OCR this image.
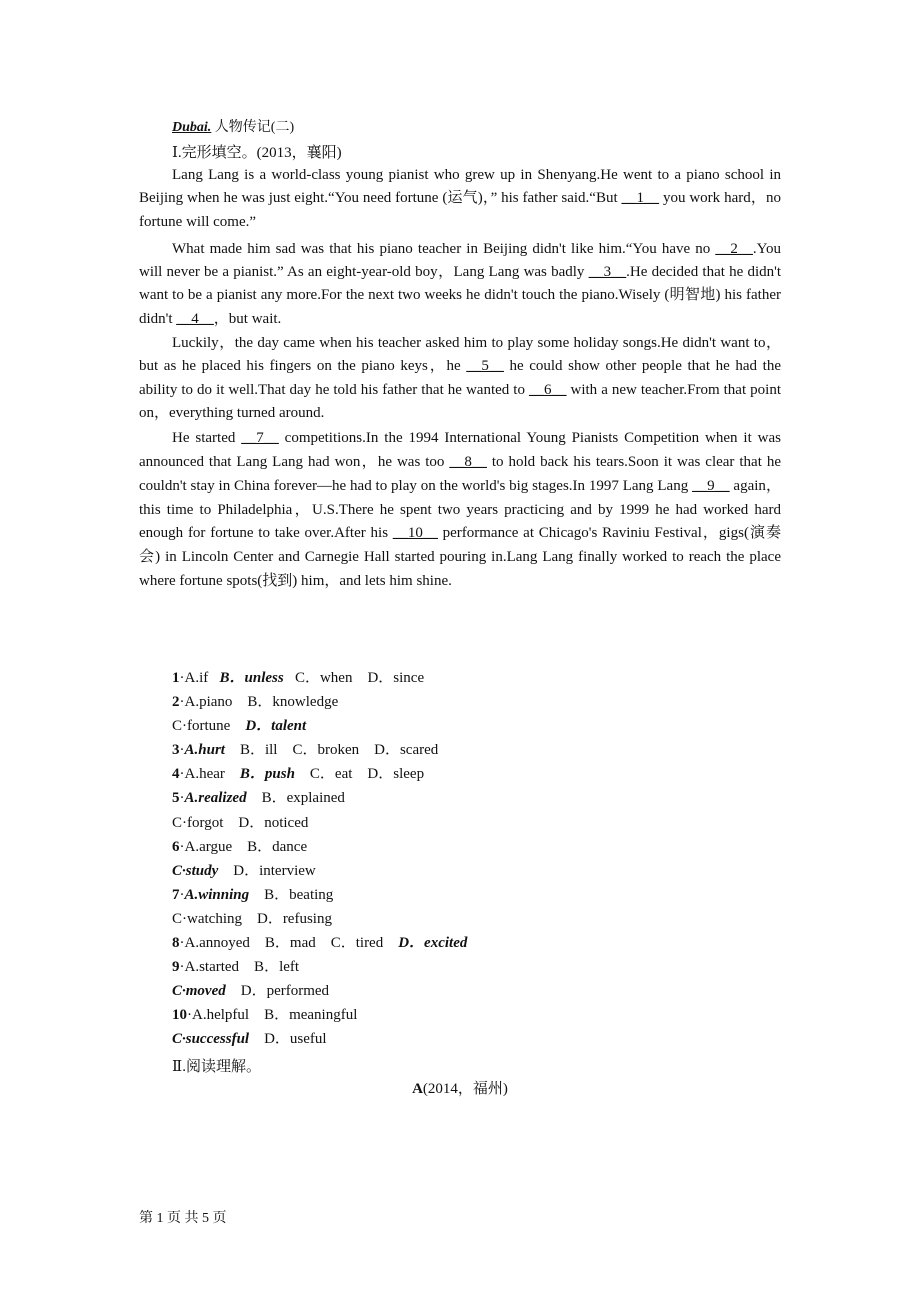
Dubai. 人物传记(二)
Ⅰ.完形填空。(2013，襄阳)

Lang Lang is a world-class young pianist who grew up in Shenyang.He went to a piano school in Beijing when he was just eight.“You need fortune (运气)，” his father said.“But __1__ you work hard，no fortune will come.”

What made him sad was that his piano teacher in Beijing didn't like him.“You have no __2__.You will never be a pianist.” As an eight-year-old boy，Lang Lang was badly __3__.He decided that he didn't want to be a pianist any more.For the next two weeks he didn't touch the piano.Wisely (明智地) his father didn't __4__，but wait.

Luckily，the day came when his teacher asked him to play some holiday songs.He didn't want to，but as he placed his fingers on the piano keys，he __5__ he could show other people that he had the ability to do it well.That day he told his father that he wanted to __6__ with a new teacher.From that point on，everything turned around.

He started __7__ competitions.In the 1994 International Young Pianists Competition when it was announced that Lang Lang had won，he was too __8__ to hold back his tears.Soon it was clear that he couldn't stay in China forever—he had to play on the world's big stages.In 1997 Lang Lang __9__ again，this time to Philadelphia，U.S.There he spent two years practicing and by 1999 he had worked hard enough for fortune to take over.After his __10__ performance at Chicago's Raviniu Festival，gigs(演奏会) in Lincoln Center and Carnegie Hall started pouring in.Lang Lang finally worked to reach the place where fortune spots(找到) him，and lets him shine.

1·A.if   B．unless   C．when    D．since
2·A.piano    B．knowledge
C·fortune    D．talent
3·A.hurt    B．ill    C．broken    D．scared
4·A.hear    B．push    C．eat    D．sleep
5·A.realized    B．explained
C·forgot    D．noticed
6·A.argue    B．dance
C·study    D．interview
7·A.winning    B．beating
C·watching    D．refusing
8·A.annoyed    B．mad    C．tired    D．excited
9·A.started    B．left
C·moved    D．performed
10·A.helpful    B．meaningful
C·successful    D．useful
Ⅱ.阅读理解。
A(2014，福州)
第 1 页 共 5 页
